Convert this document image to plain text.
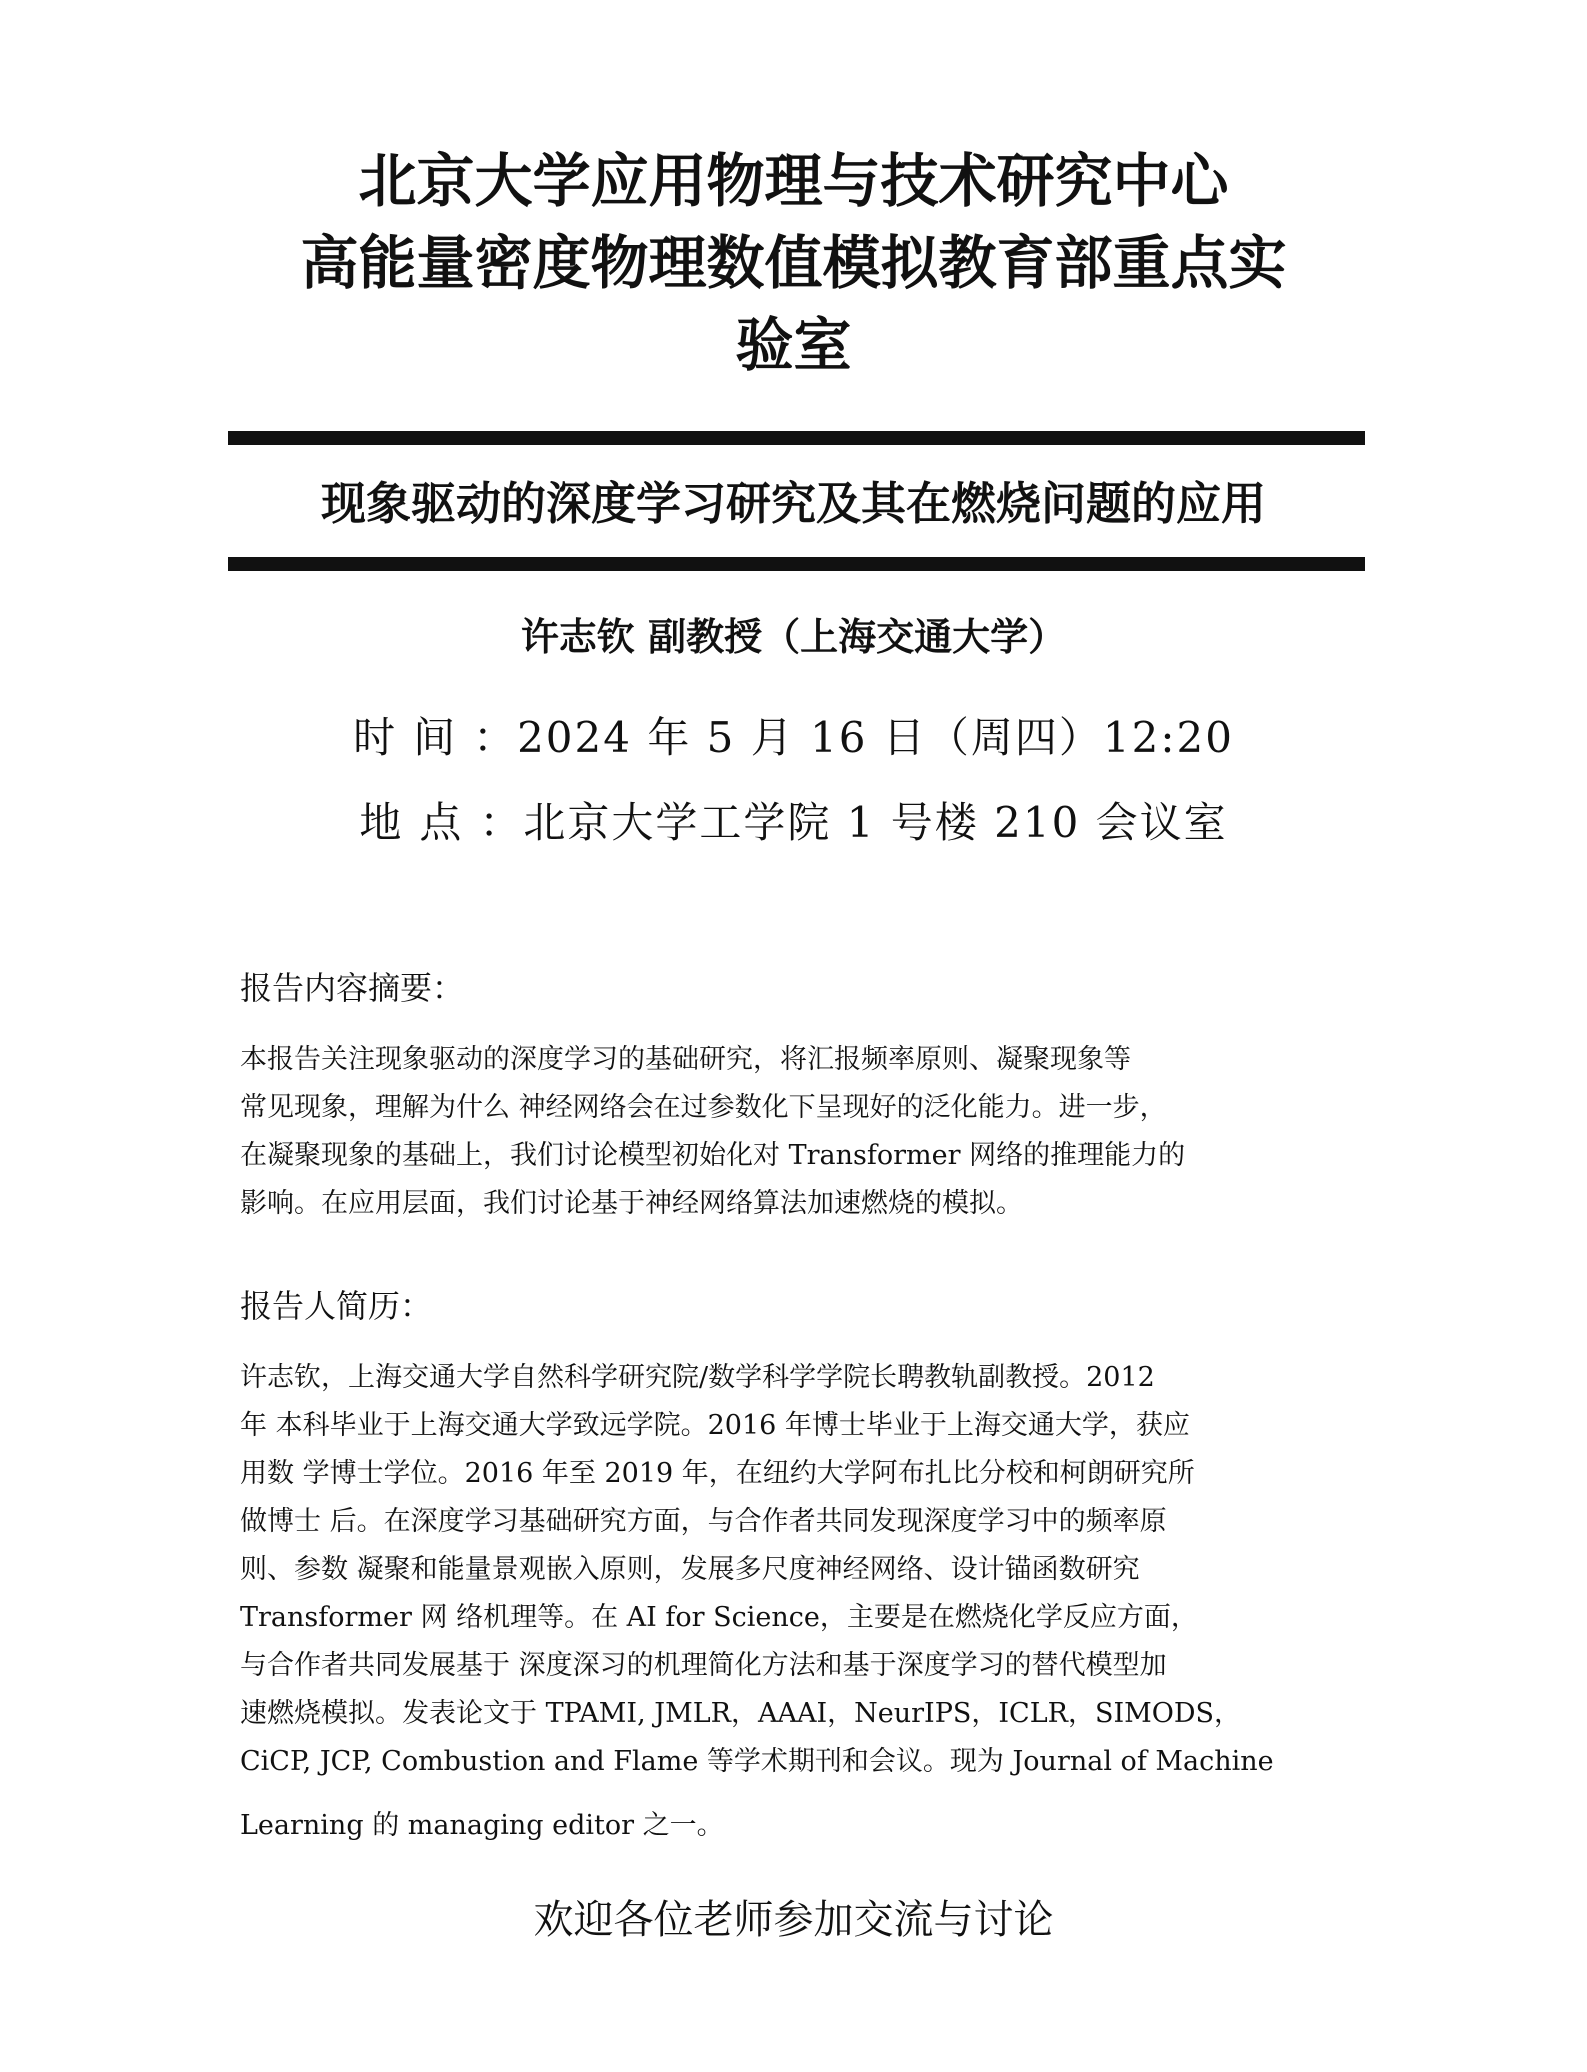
北京大学应用物理与技术研究中心
高能量密度物理数值模拟教育部重点实
验室
现象驱动的深度学习研究及其在燃烧问题的应用
许志钦 副教授（上海交通大学）
时间：2024 年 5 月 16 日（周四）12:20
地点：北京大学工学院 1 号楼 210 会议室
报告内容摘要：
本报告关注现象驱动的深度学习的基础研究，将汇报频率原则、凝聚现象等
常见现象，理解为什么 神经网络会在过参数化下呈现好的泛化能力。进一步，
在凝聚现象的基础上，我们讨论模型初始化对 Transformer 网络的推理能力的
影响。在应用层面，我们讨论基于神经网络算法加速燃烧的模拟。
报告人简历：
许志钦，上海交通大学自然科学研究院/数学科学学院长聘教轨副教授。2012
年 本科毕业于上海交通大学致远学院。2016 年博士毕业于上海交通大学，获应
用数 学博士学位。2016 年至 2019 年，在纽约大学阿布扎比分校和柯朗研究所
做博士 后。在深度学习基础研究方面，与合作者共同发现深度学习中的频率原
则、参数 凝聚和能量景观嵌入原则，发展多尺度神经网络、设计锚函数研究
Transformer 网 络机理等。在 AI for Science，主要是在燃烧化学反应方面，
与合作者共同发展基于 深度深习的机理简化方法和基于深度学习的替代模型加
速燃烧模拟。发表论文于 TPAMI, JMLR，AAAI，NeurIPS，ICLR，SIMODS，
CiCP, JCP, Combustion and Flame 等学术期刊和会议。现为 Journal of Machine
Learning 的 managing editor 之一。
欢迎各位老师参加交流与讨论
